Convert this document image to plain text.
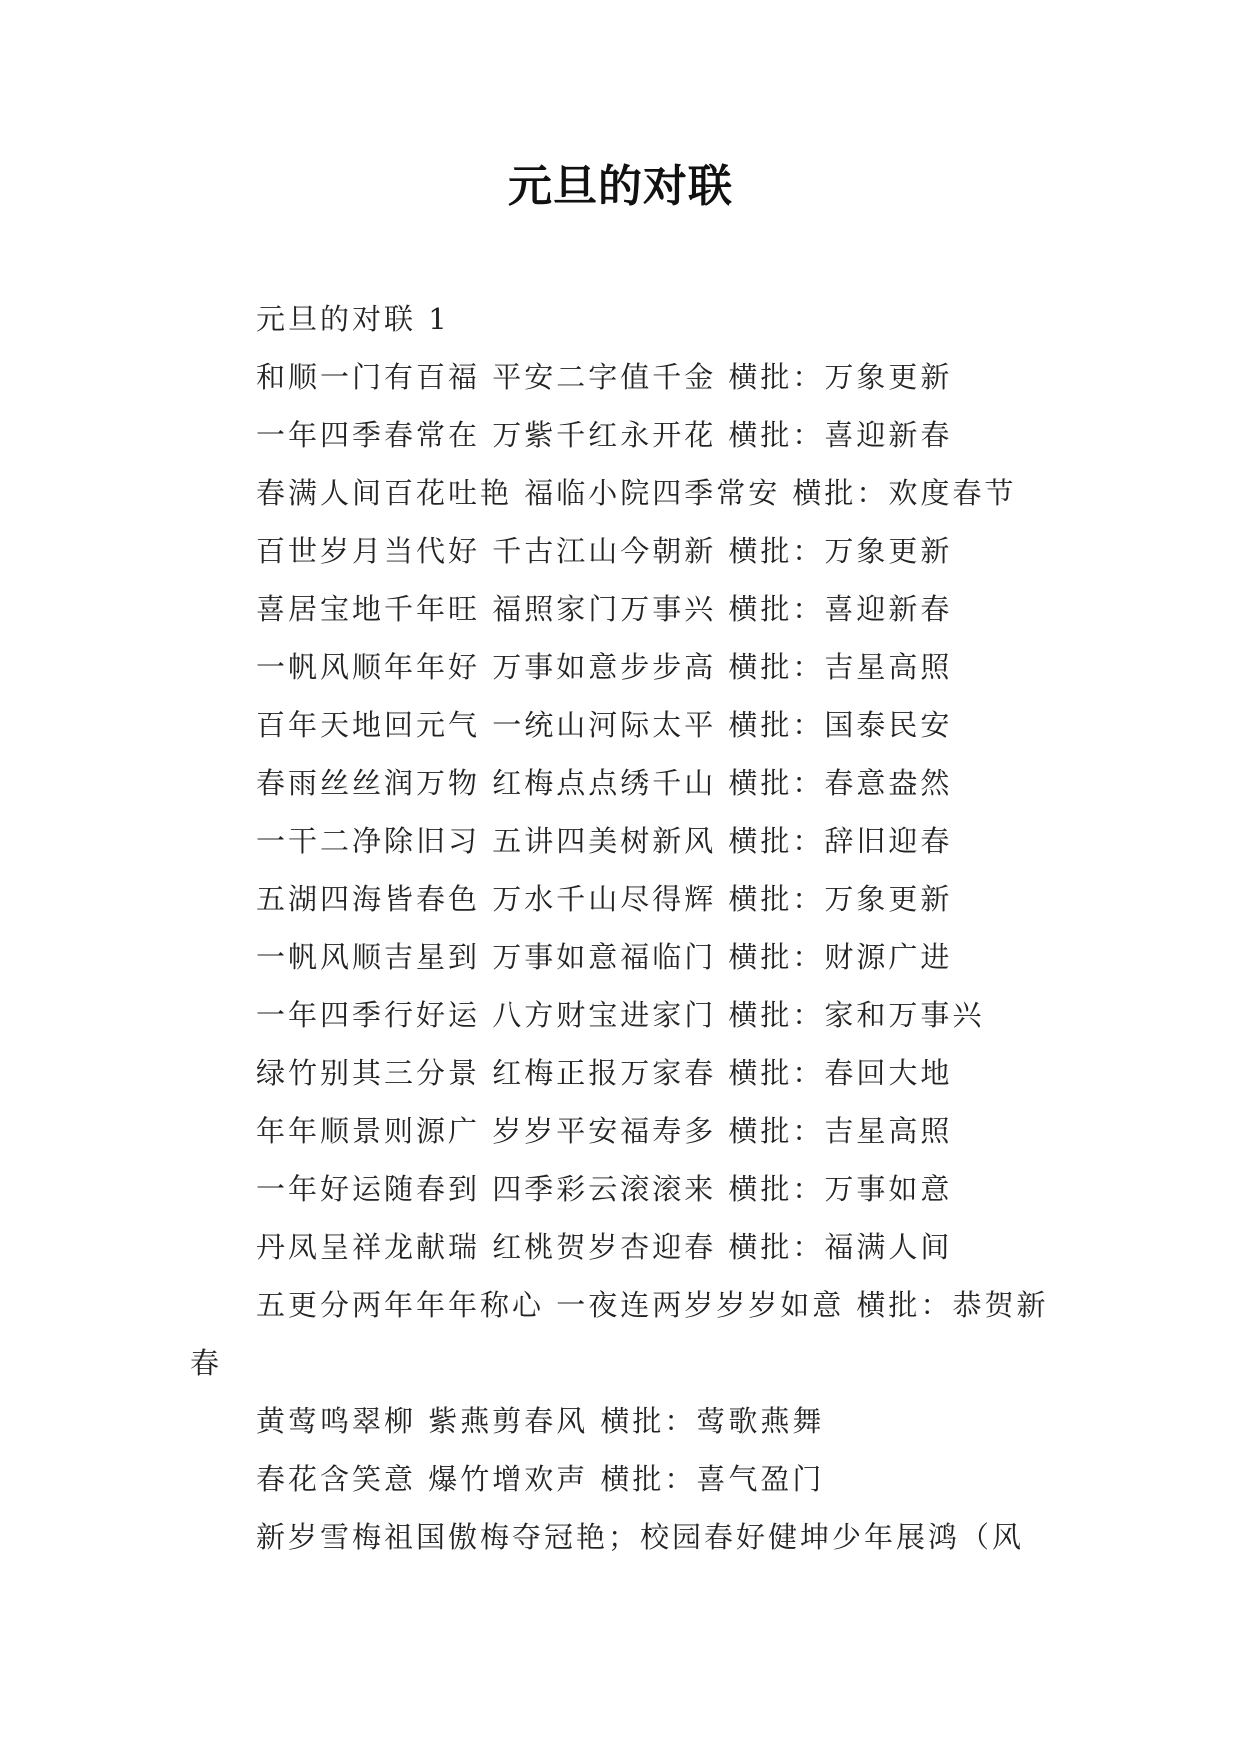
元旦的对联

元旦的对联 1

和顺一门有百福 平安二字值千金 横批：万象更新

一年四季春常在 万紫千红永开花 横批：喜迎新春

春满人间百花吐艳 福临小院四季常安 横批：欢度春节

百世岁月当代好 千古江山今朝新 横批：万象更新

喜居宝地千年旺 福照家门万事兴 横批：喜迎新春

一帆风顺年年好 万事如意步步高 横批：吉星高照

百年天地回元气 一统山河际太平 横批：国泰民安

春雨丝丝润万物 红梅点点绣千山 横批：春意盎然

一干二净除旧习 五讲四美树新风 横批：辞旧迎春

五湖四海皆春色 万水千山尽得辉 横批：万象更新

一帆风顺吉星到 万事如意福临门 横批：财源广进

一年四季行好运 八方财宝进家门 横批：家和万事兴

绿竹别其三分景 红梅正报万家春 横批：春回大地

年年顺景则源广 岁岁平安福寿多 横批：吉星高照

一年好运随春到 四季彩云滚滚来 横批：万事如意

丹凤呈祥龙献瑞 红桃贺岁杏迎春 横批：福满人间

五更分两年年年称心 一夜连两岁岁岁如意 横批：恭贺新春

黄莺鸣翠柳 紫燕剪春风 横批：莺歌燕舞

春花含笑意 爆竹增欢声 横批：喜气盈门

新岁雪梅祖国傲梅夺冠艳；校园春好健坤少年展鸿（风
